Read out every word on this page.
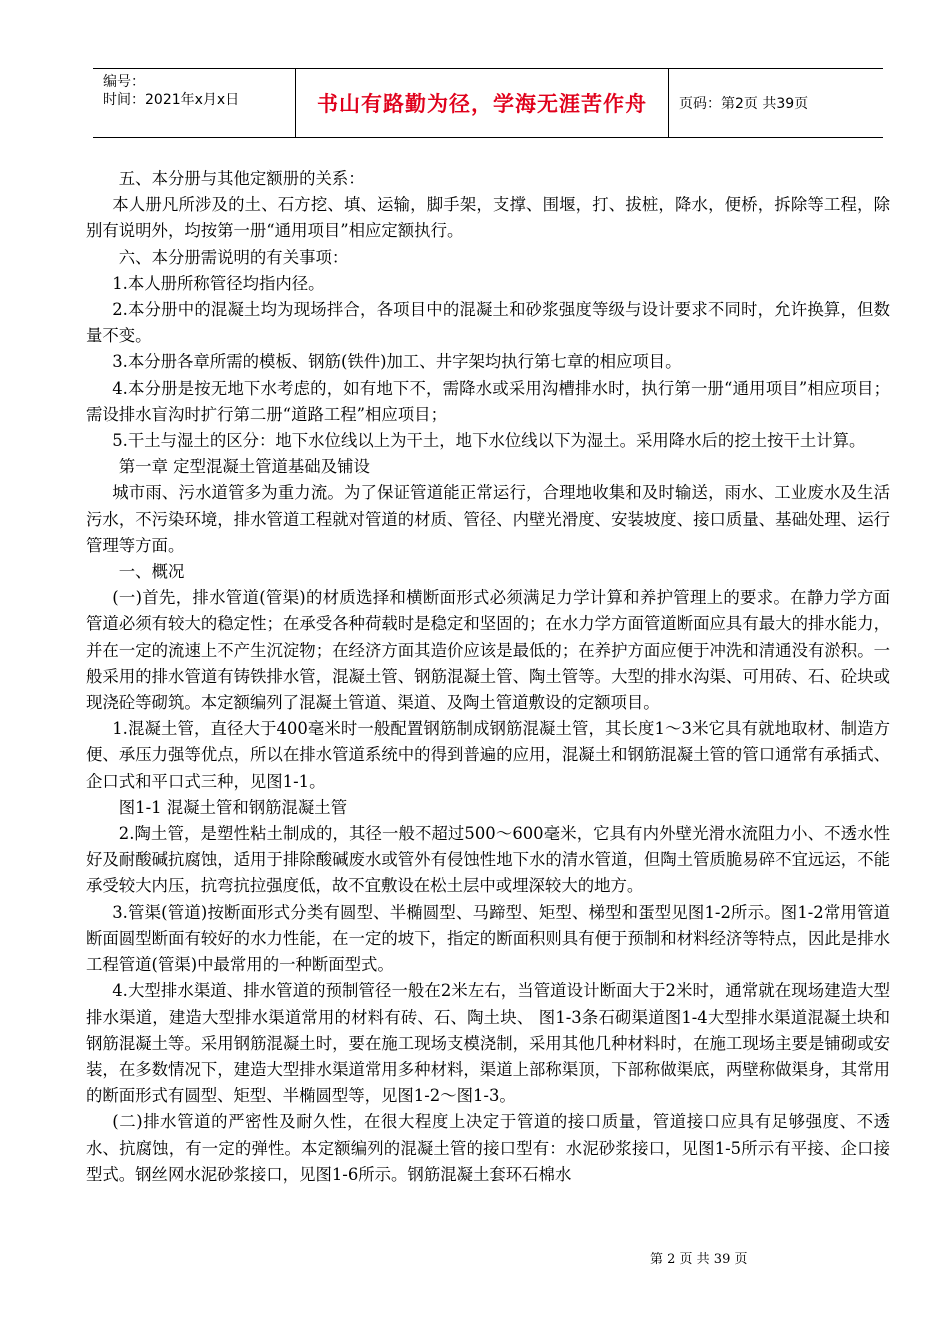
编号：
时间：2021年x月x日	书山有路勤为径，学海无涯苦作舟	页码：第2页 共39页

五、本分册与其他定额册的关系：

本人册凡所涉及的土、石方挖、填、运输，脚手架，支撑、围堰，打、拔桩，降水，便桥，拆除等工程，除别有说明外，均按第一册“通用项目”相应定额执行。

六、本分册需说明的有关事项：

1.本人册所称管径均指内径。

2.本分册中的混凝土均为现场拌合，各项目中的混凝土和砂浆强度等级与设计要求不同时，允许换算，但数量不变。

3.本分册各章所需的模板、钢筋(铁件)加工、井字架均执行第七章的相应项目。

4.本分册是按无地下水考虑的，如有地下不，需降水或采用沟槽排水时，执行第一册“通用项目”相应项目；需设排水盲沟时扩行第二册“道路工程”相应项目；

5.干土与湿土的区分：地下水位线以上为干土，地下水位线以下为湿土。采用降水后的挖土按干土计算。

第一章 定型混凝土管道基础及铺设

城市雨、污水道管多为重力流。为了保证管道能正常运行，合理地收集和及时输送，雨水、工业废水及生活污水，不污染环境，排水管道工程就对管道的材质、管径、内壁光滑度、安装坡度、接口质量、基础处理、运行管理等方面。

一、概况

(一)首先，排水管道(管渠)的材质选择和横断面形式必须满足力学计算和养护管理上的要求。在静力学方面管道必须有较大的稳定性；在承受各种荷载时是稳定和坚固的；在水力学方面管道断面应具有最大的排水能力，并在一定的流速上不产生沉淀物；在经济方面其造价应该是最低的；在养护方面应便于冲洗和清通没有淤积。一般采用的排水管道有铸铁排水管，混凝土管、钢筋混凝土管、陶土管等。大型的排水沟渠、可用砖、石、砼块或现浇砼等砌筑。本定额编列了混凝土管道、渠道、及陶土管道敷设的定额项目。

1.混凝土管，直径大于400毫米时一般配置钢筋制成钢筋混凝土管，其长度1～3米它具有就地取材、制造方便、承压力强等优点，所以在排水管道系统中的得到普遍的应用，混凝土和钢筋混凝土管的管口通常有承插式、企口式和平口式三种，见图1-1。

图1-1 混凝土管和钢筋混凝土管

2.陶土管，是塑性粘土制成的，其径一般不超过500～600毫米，它具有内外壁光滑水流阻力小、不透水性好及耐酸碱抗腐蚀，适用于排除酸碱废水或管外有侵蚀性地下水的清水管道，但陶土管质脆易碎不宜远运，不能承受较大内压，抗弯抗拉强度低，故不宜敷设在松土层中或埋深较大的地方。

3.管渠(管道)按断面形式分类有圆型、半椭圆型、马蹄型、矩型、梯型和蛋型见图1-2所示。图1-2常用管道断面圆型断面有较好的水力性能，在一定的坡下，指定的断面积则具有便于预制和材料经济等特点，因此是排水工程管道(管渠)中最常用的一种断面型式。

4.大型排水渠道、排水管道的预制管径一般在2米左右，当管道设计断面大于2米时，通常就在现场建造大型排水渠道，建造大型排水渠道常用的材料有砖、石、陶土块、 图1-3条石砌渠道图1-4大型排水渠道混凝土块和钢筋混凝土等。采用钢筋混凝土时，要在施工现场支模浇制，采用其他几种材料时，在施工现场主要是铺砌或安装，在多数情况下，建造大型排水渠道常用多种材料，渠道上部称渠顶，下部称做渠底，两壁称做渠身，其常用的断面形式有圆型、矩型、半椭圆型等，见图1-2～图1-3。

(二)排水管道的严密性及耐久性，在很大程度上决定于管道的接口质量，管道接口应具有足够强度、不透水、抗腐蚀，有一定的弹性。本定额编列的混凝土管的接口型有：水泥砂浆接口，见图1-5所示有平接、企口接型式。钢丝网水泥砂浆接口，见图1-6所示。钢筋混凝土套环石棉水

第 2 页 共 39 页
